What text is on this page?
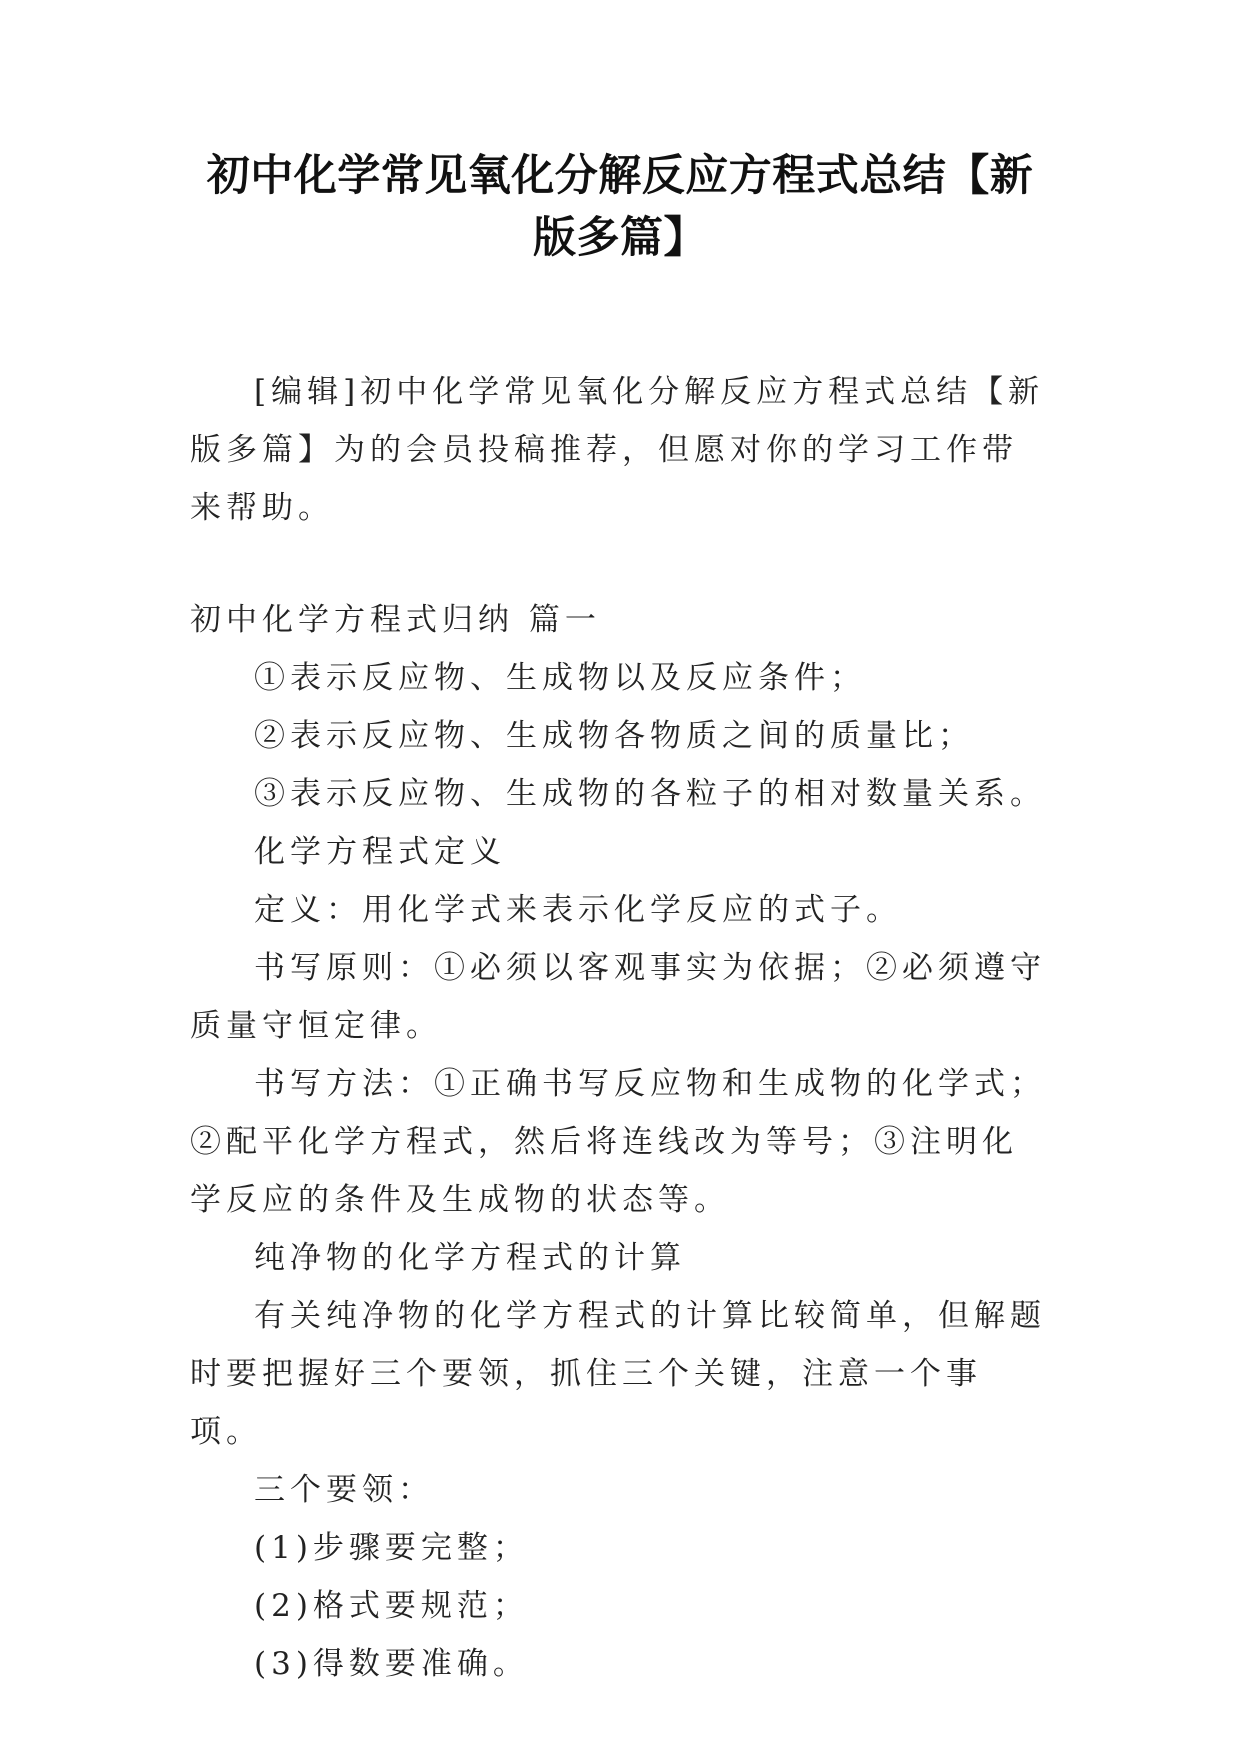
初中化学常见氧化分解反应方程式总结【新版多篇】

[编辑]初中化学常见氧化分解反应方程式总结【新版多篇】为的会员投稿推荐，但愿对你的学习工作带来帮助。

初中化学方程式归纳 篇一

①表示反应物、生成物以及反应条件；

②表示反应物、生成物各物质之间的质量比；

③表示反应物、生成物的各粒子的相对数量关系。

化学方程式定义

定义：用化学式来表示化学反应的式子。

书写原则：①必须以客观事实为依据；②必须遵守质量守恒定律。

书写方法：①正确书写反应物和生成物的化学式；②配平化学方程式，然后将连线改为等号；③注明化学反应的条件及生成物的状态等。

纯净物的化学方程式的计算

有关纯净物的化学方程式的计算比较简单，但解题时要把握好三个要领，抓住三个关键，注意一个事项。

三个要领：

(1)步骤要完整；

(2)格式要规范；

(3)得数要准确。
